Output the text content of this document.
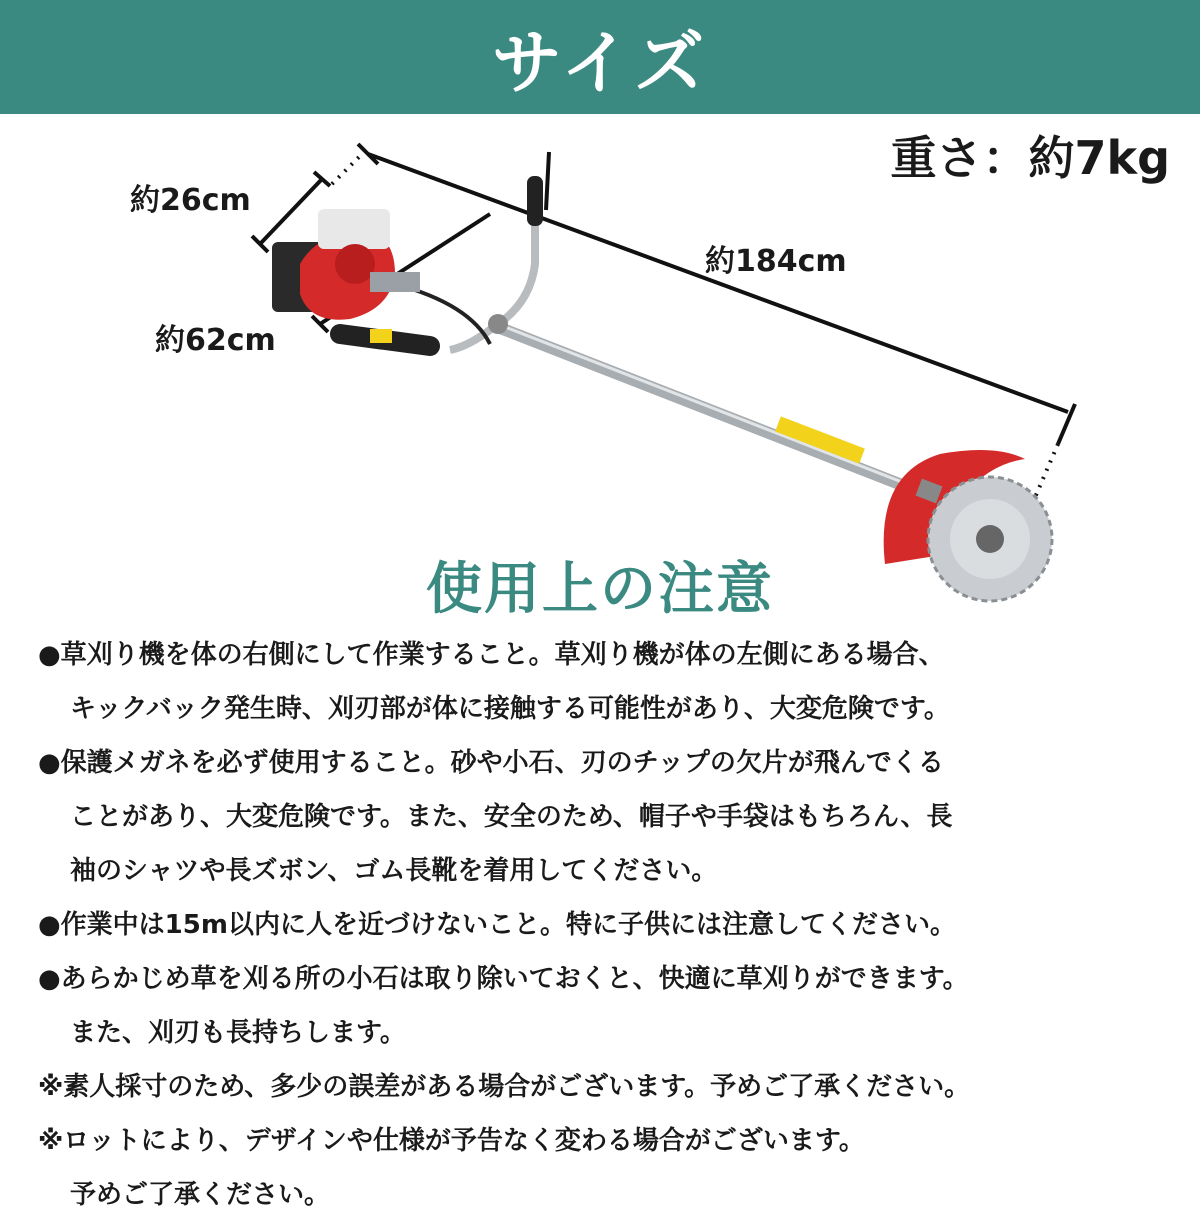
サイズ
重さ：約7kg
約26cm
約62cm
約184cm
使用上の注意
●草刈り機を体の右側にして作業すること。草刈り機が体の左側にある場合、
キックバック発生時、刈刃部が体に接触する可能性があり、大変危険です。
●保護メガネを必ず使用すること。砂や小石、刃のチップの欠片が飛んでくる
ことがあり、大変危険です。また、安全のため、帽子や手袋はもちろん、長
袖のシャツや長ズボン、ゴム長靴を着用してください。
●作業中は15m以内に人を近づけないこと。特に子供には注意してください。
●あらかじめ草を刈る所の小石は取り除いておくと、快適に草刈りができます。
また、刈刃も長持ちします。
※素人採寸のため、多少の誤差がある場合がございます。予めご了承ください。
※ロットにより、デザインや仕様が予告なく変わる場合がございます。
予めご了承ください。
